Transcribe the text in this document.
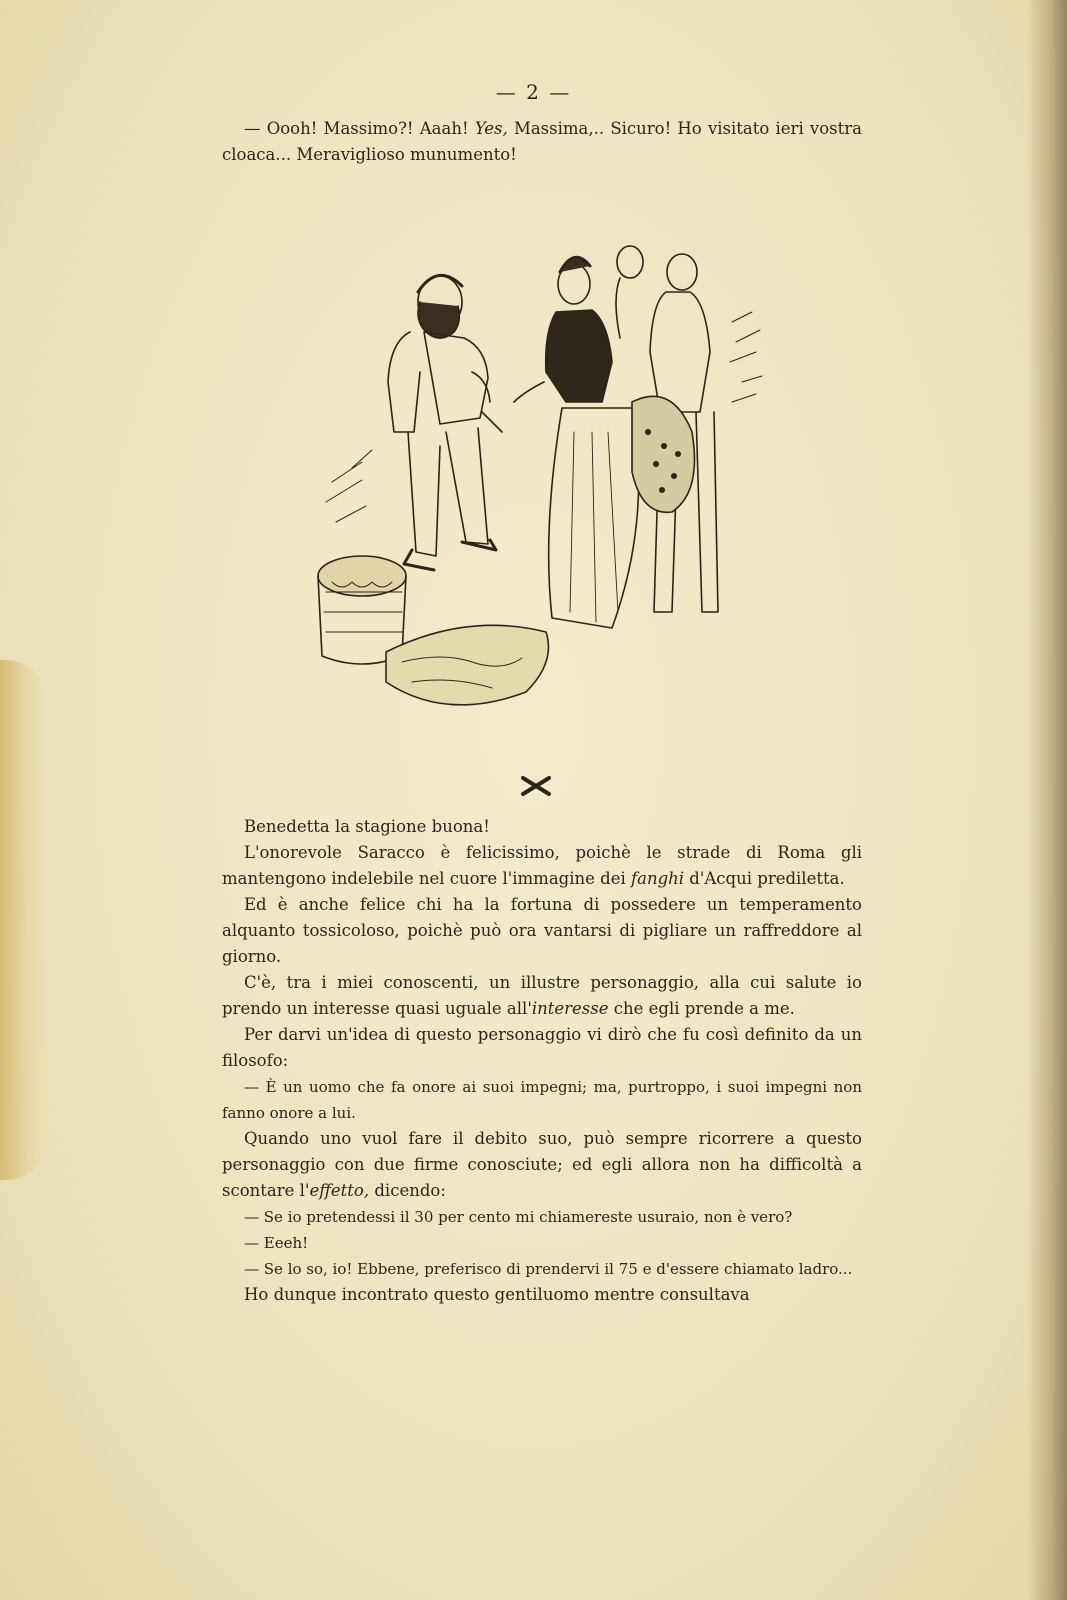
— 2 —

— Oooh! Massimo?! Aaah! Yes, Massima,.. Sicuro! Ho visitato ieri vostra cloaca... Meraviglioso munumento!

Benedetta la stagione buona!

L'onorevole Saracco è felicissimo, poichè le strade di Roma gli mantengono indelebile nel cuore l'immagine dei fanghi d'Acqui prediletta.

Ed è anche felice chi ha la fortuna di possedere un temperamento alquanto tossicoloso, poichè può ora vantarsi di pigliare un raffreddore al giorno.

C'è, tra i miei conoscenti, un illustre personaggio, alla cui salute io prendo un interesse quasi uguale all'interesse che egli prende a me.

Per darvi un'idea di questo personaggio vi dirò che fu così definito da un filosofo:

— È un uomo che fa onore ai suoi impegni; ma, purtroppo, i suoi impegni non fanno onore a lui.

Quando uno vuol fare il debito suo, può sempre ricorrere a questo personaggio con due firme conosciute; ed egli allora non ha difficoltà a scontare l'effetto, dicendo:

— Se io pretendessi il 30 per cento mi chiamereste usuraio, non è vero?

— Eeeh!

— Se lo so, io! Ebbene, preferisco di prendervi il 75 e d'essere chiamato ladro...

Ho dunque incontrato questo gentiluomo mentre consultava
